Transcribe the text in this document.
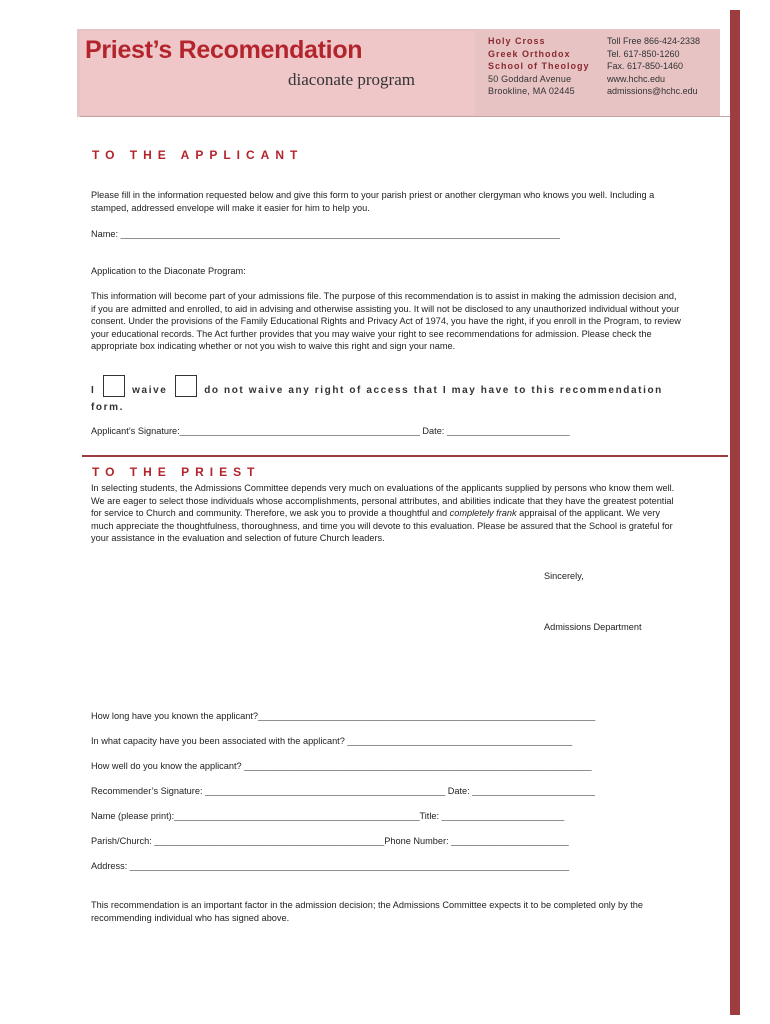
Priest’s Recomendation
diaconate program
Holy Cross
Greek Orthodox
School of Theology
50 Goddard Avenue
Brookline, MA 02445
Toll Free 866-424-2338
Tel. 617-850-1260
Fax. 617-850-1460
www.hchc.edu
admissions@hchc.edu
TO THE APPLICANT
Please fill in the information requested below and give this form to your parish priest or another clergyman who knows you well. Including a stamped, addressed envelope will make it easier for him to help you.
Name: ______________________________________________________________________________________
Application to the Diaconate Program:
This information will become part of your admissions file. The purpose of this recommendation is to assist in making the admission decision and, if you are admitted and enrolled, to aid in advising and otherwise assisting you. It will not be disclosed to any unauthorized individual without your consent. Under the provisions of the Family Educational Rights and Privacy Act of 1974, you have the right, if you enroll in the Program, to review your educational records. The Act further provides that you may waive your right to see recommendations for admission. Please check the appropriate box indicating whether or not you wish to waive this right and sign your name.
I	waive	do not waive any right of access that I may have to this recommendation form.
Applicant’s Signature:_______________________________________________ Date: ________________________
TO THE PRIEST
In selecting students, the Admissions Committee depends very much on evaluations of the applicants supplied by persons who know them well. We are eager to select those individuals whose accomplishments, personal attributes, and abilities indicate that they have the greatest potential for service to Church and community. Therefore, we ask you to provide a thoughtful and completely frank appraisal of the applicant. We very much appreciate the thoughtfulness, thoroughness, and time you will devote to this evaluation. Please be assured that the School is grateful for your assistance in the evaluation and selection of future Church leaders.
Sincerely,
Admissions Department
How long have you known the applicant?__________________________________________________________________
In what capacity have you been associated with the applicant? ____________________________________________
How well do you know the applicant? ____________________________________________________________________
Recommender’s Signature: _______________________________________________ Date: ________________________
Name (please print):________________________________________________Title: ________________________
Parish/Church: _____________________________________________Phone Number: _______________________
Address: ______________________________________________________________________________________
This recommendation is an important factor in the admission decision; the Admissions Committee expects it to be completed only by the recommending individual who has signed above.
